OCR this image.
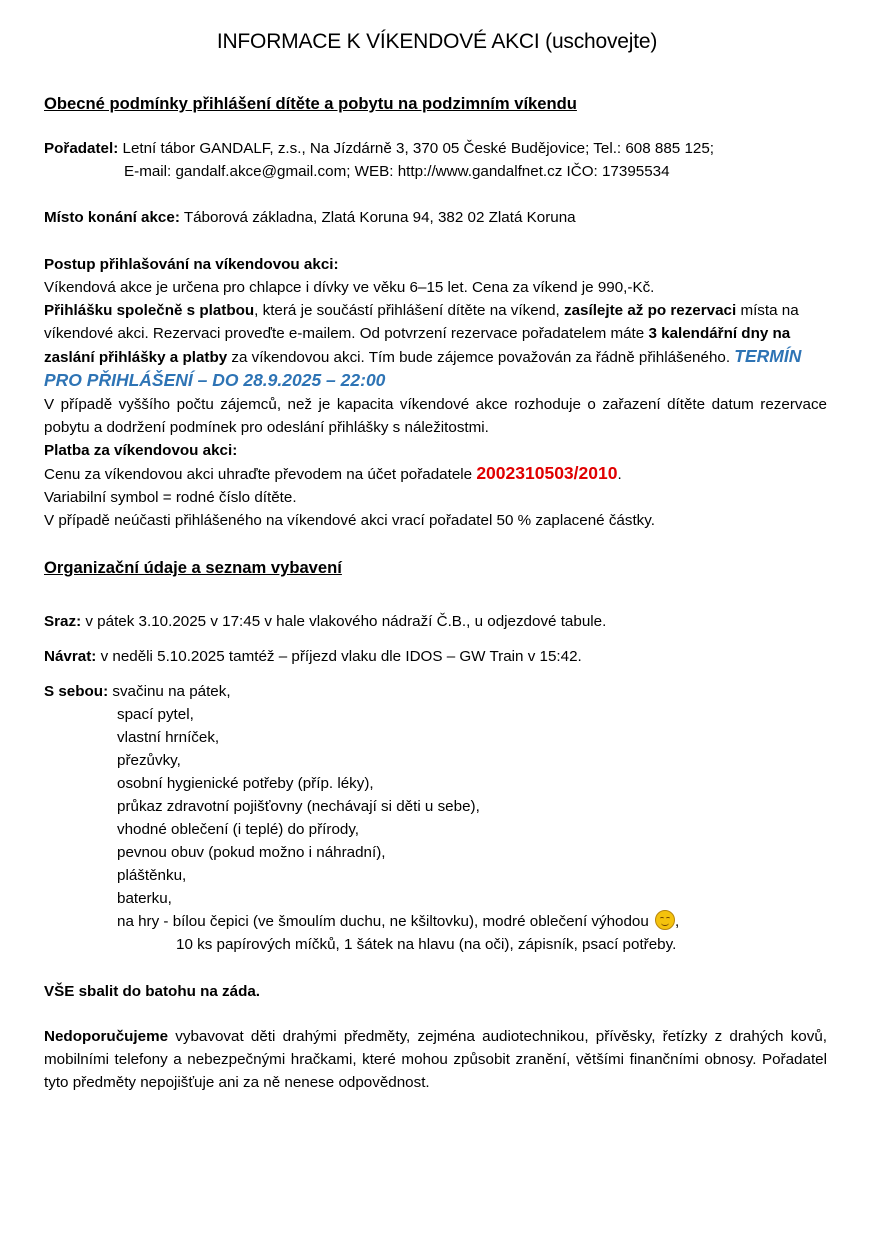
INFORMACE K VÍKENDOVÉ AKCI (uschovejte)
Obecné podmínky přihlášení dítěte a pobytu na podzimním víkendu
Pořadatel: Letní tábor GANDALF, z.s., Na Jízdárně 3, 370 05 České Budějovice; Tel.: 608 885 125;
E-mail: gandalf.akce@gmail.com; WEB: http://www.gandalfnet.cz IČO: 17395534
Místo konání akce: Táborová základna, Zlatá Koruna 94, 382 02 Zlatá Koruna
Postup přihlašování na víkendovou akci:
Víkendová akce je určena pro chlapce i dívky ve věku 6–15 let. Cena za víkend je 990,-Kč.
Přihlášku společně s platbou, která je součástí přihlášení dítěte na víkend, zasílejte až po rezervaci místa na víkendové akci. Rezervaci proveďte e-mailem. Od potvrzení rezervace pořadatelem máte 3 kalendářní dny na zaslání přihlášky a platby za víkendovou akci. Tím bude zájemce považován za řádně přihlášeného. TERMÍN PRO PŘIHLÁŠENÍ – DO 28.9.2025 – 22:00
V případě vyššího počtu zájemců, než je kapacita víkendové akce rozhoduje o zařazení dítěte datum rezervace pobytu a dodržení podmínek pro odeslání přihlášky s náležitostmi.
Platba za víkendovou akci:
Cenu za víkendovou akci uhraďte převodem na účet pořadatele 2002310503/2010.
Variabilní symbol = rodné číslo dítěte.
V případě neúčasti přihlášeného na víkendové akci vrací pořadatel 50 % zaplacené částky.
Organizační údaje a seznam vybavení
Sraz: v pátek 3.10.2025 v 17:45 v hale vlakového nádraží Č.B., u odjezdové tabule.
Návrat: v neděli 5.10.2025 tamtéž – příjezd vlaku dle IDOS – GW Train v 15:42.
S sebou: svačinu na pátek,
spací pytel,
vlastní hrníček,
přezůvky,
osobní hygienické potřeby (příp. léky),
průkaz zdravotní pojišťovny (nechávají si děti u sebe),
vhodné oblečení (i teplé) do přírody,
pevnou obuv (pokud možno i náhradní),
pláštěnku,
baterku,
na hry - bílou čepici (ve šmoulím duchu, ne kšiltovku), modré oblečení výhodou
,
10 ks papírových míčků, 1 šátek na hlavu (na oči), zápisník, psací potřeby.
VŠE sbalit do batohu na záda.
Nedoporučujeme vybavovat děti drahými předměty, zejména audiotechnikou, přívěsky, řetízky z drahých kovů, mobilními telefony a nebezpečnými hračkami, které mohou způsobit zranění, většími finančními obnosy. Pořadatel tyto předměty nepojišťuje ani za ně nenese odpovědnost.
